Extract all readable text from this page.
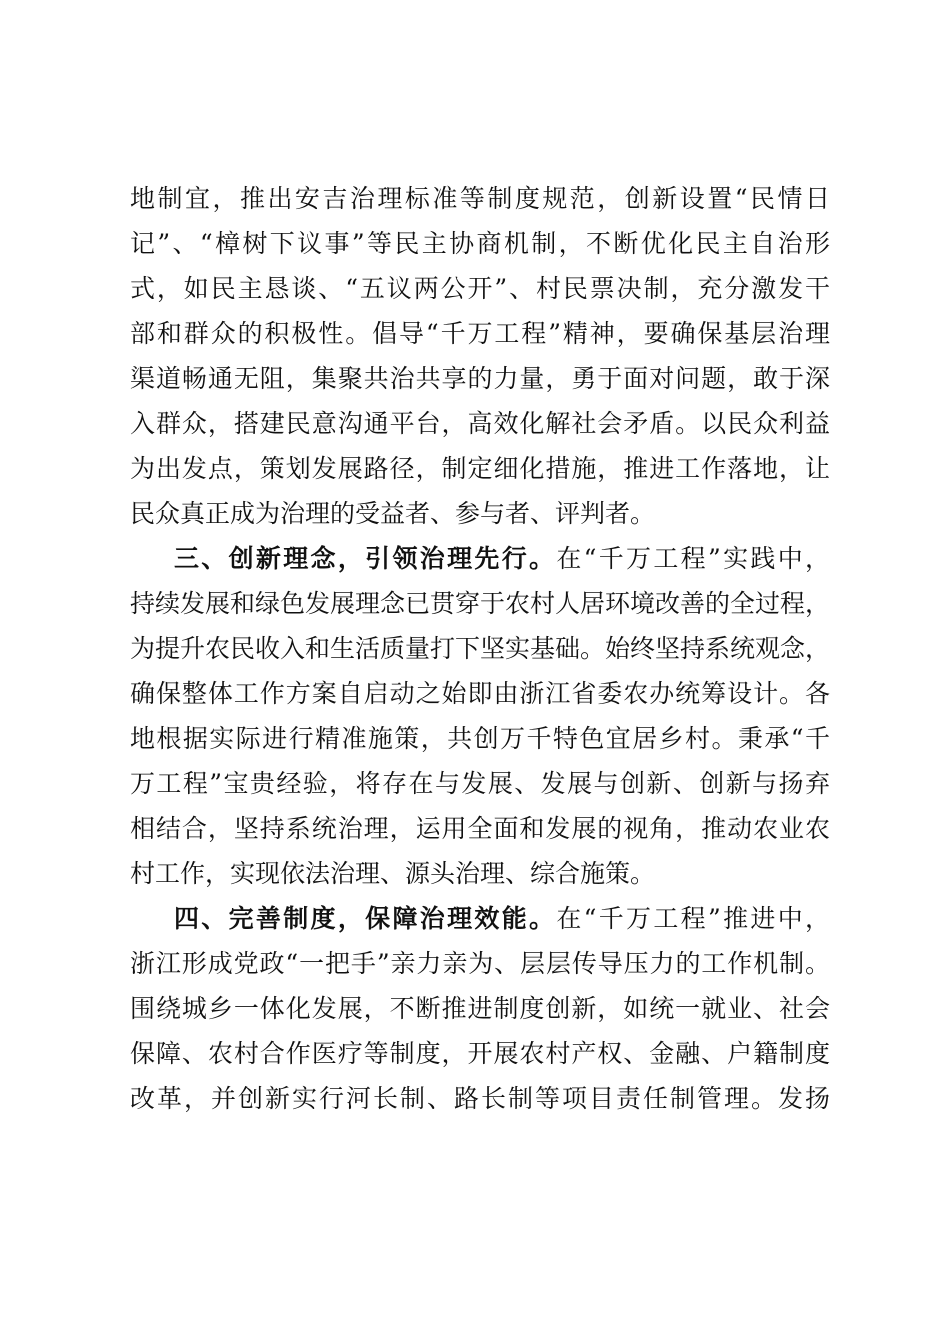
地制宜，推出安吉治理标准等制度规范，创新设置“民情日
记”、“樟树下议事”等民主协商机制，不断优化民主自治形
式，如民主恳谈、“五议两公开”、村民票决制，充分激发干
部和群众的积极性。倡导“千万工程”精神，要确保基层治理
渠道畅通无阻，集聚共治共享的力量，勇于面对问题，敢于深
入群众，搭建民意沟通平台，高效化解社会矛盾。以民众利益
为出发点，策划发展路径，制定细化措施，推进工作落地，让
民众真正成为治理的受益者、参与者、评判者。
三、创新理念，引领治理先行。在“千万工程”实践中，
持续发展和绿色发展理念已贯穿于农村人居环境改善的全过程，
为提升农民收入和生活质量打下坚实基础。始终坚持系统观念，
确保整体工作方案自启动之始即由浙江省委农办统筹设计。各
地根据实际进行精准施策，共创万千特色宜居乡村。秉承“千
万工程”宝贵经验，将存在与发展、发展与创新、创新与扬弃
相结合，坚持系统治理，运用全面和发展的视角，推动农业农
村工作，实现依法治理、源头治理、综合施策。
四、完善制度，保障治理效能。在“千万工程”推进中，
浙江形成党政“一把手”亲力亲为、层层传导压力的工作机制。
围绕城乡一体化发展，不断推进制度创新，如统一就业、社会
保障、农村合作医疗等制度，开展农村产权、金融、户籍制度
改革，并创新实行河长制、路长制等项目责任制管理。发扬
